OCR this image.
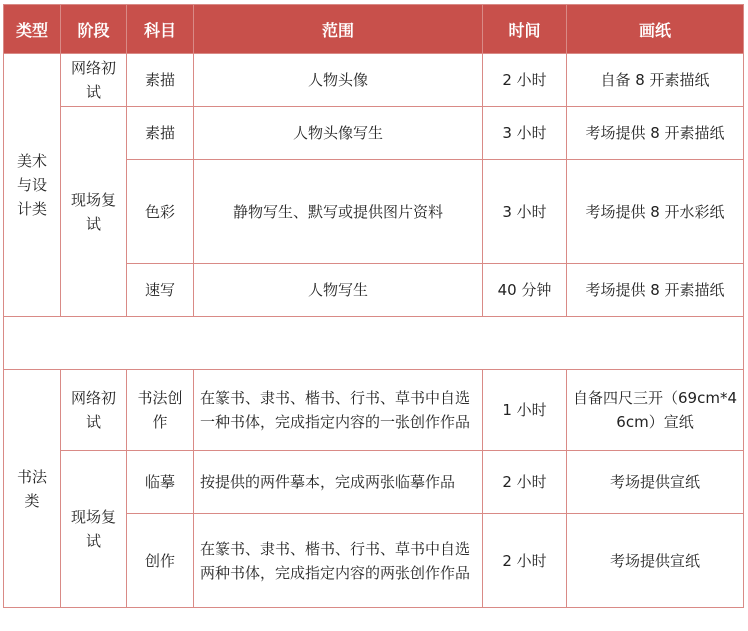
类型	阶段	科目	范围	时间	画纸
美术与设计类	网络初试	素描	人物头像	2 小时	自备 8 开素描纸
	现场复试	素描	人物头像写生	3 小时	考场提供 8 开素描纸
		色彩	静物写生、默写或提供图片资料	3 小时	考场提供 8 开水彩纸
		速写	人物写生	40 分钟	考场提供 8 开素描纸

书法类	网络初试	书法创作	在篆书、隶书、楷书、行书、草书中自选一种书体，完成指定内容的一张创作作品	1 小时	自备四尺三开（69cm*46cm）宣纸
	现场复试	临摹	按提供的两件摹本，完成两张临摹作品	2 小时	考场提供宣纸
		创作	在篆书、隶书、楷书、行书、草书中自选两种书体，完成指定内容的两张创作作品	2 小时	考场提供宣纸
